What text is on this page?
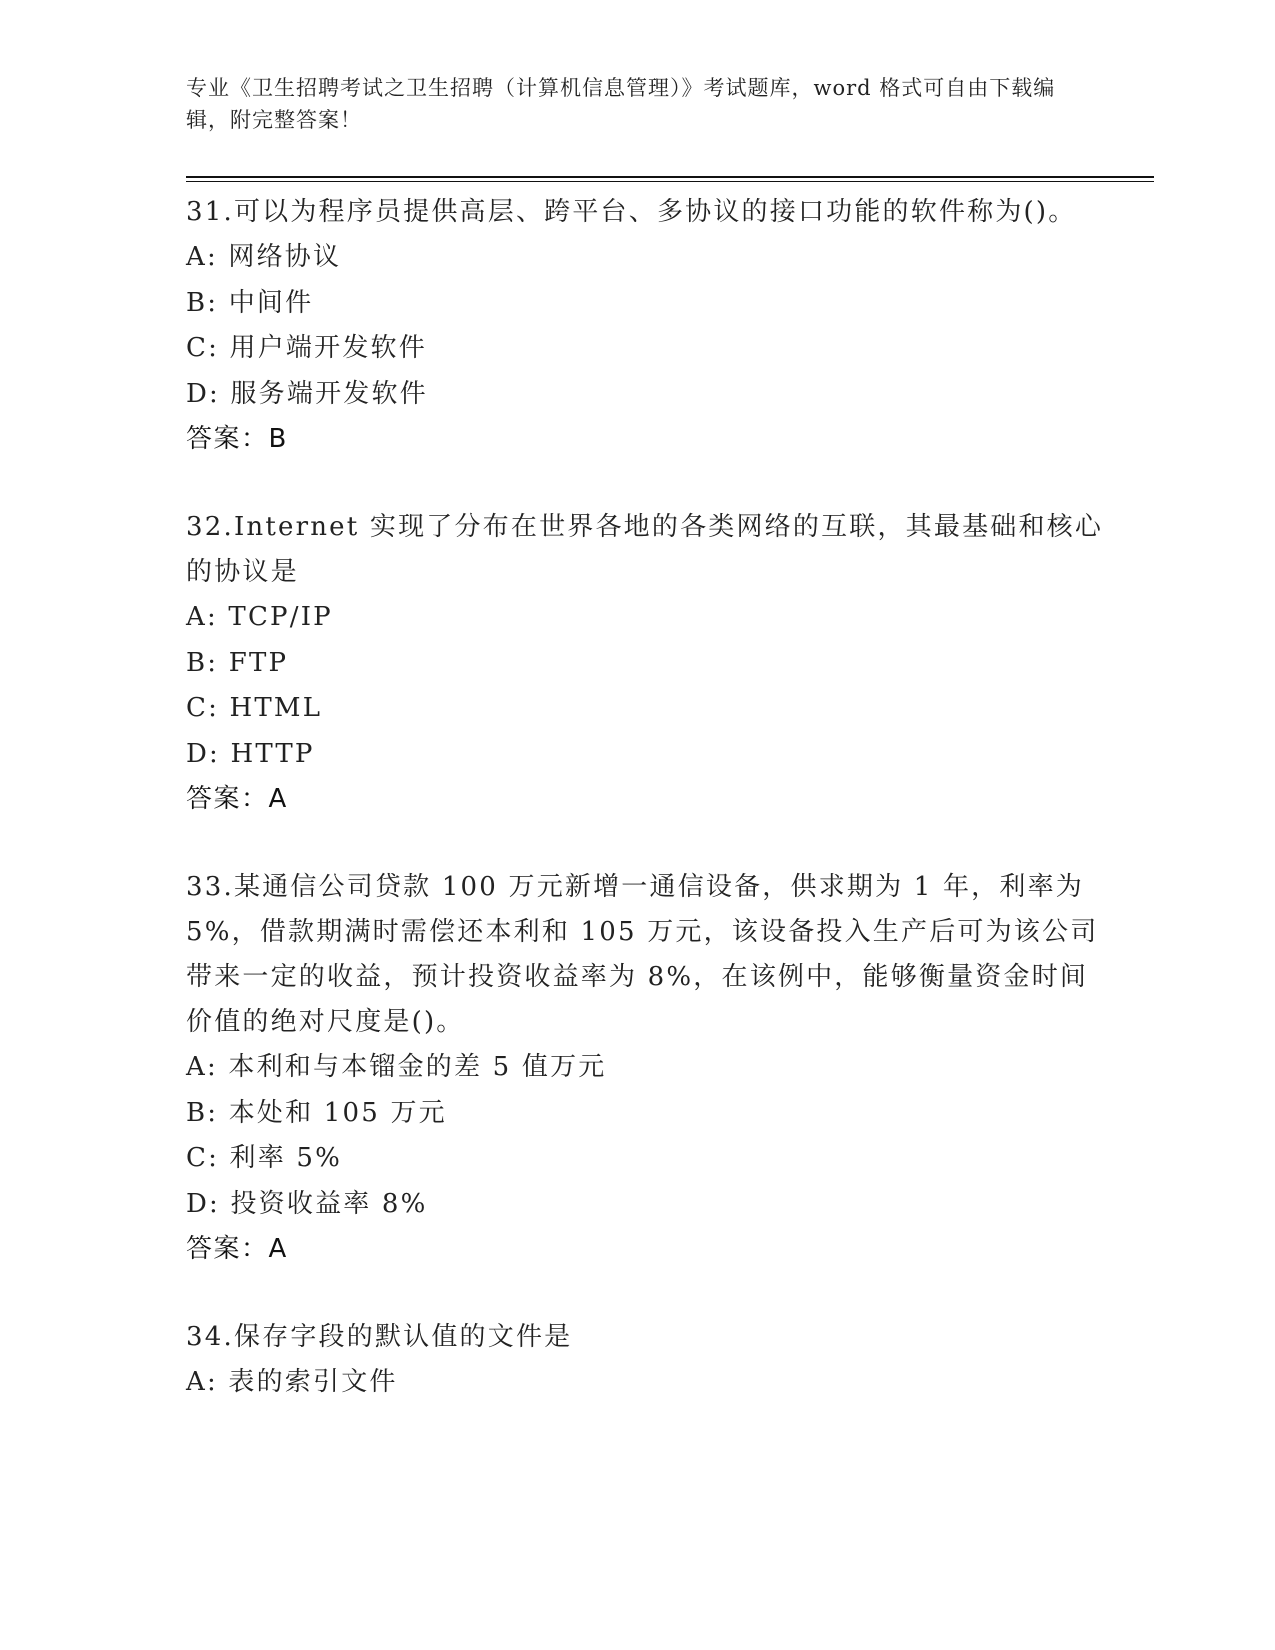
专业《卫生招聘考试之卫生招聘（计算机信息管理）》考试题库，word 格式可自由下载编辑，附完整答案！

31.可以为程序员提供高层、跨平台、多协议的接口功能的软件称为()。

A: 网络协议
B: 中间件
C: 用户端开发软件
D: 服务端开发软件
答案：B

32.Internet 实现了分布在世界各地的各类网络的互联，其最基础和核心的协议是

A: TCP/IP
B: FTP
C: HTML
D: HTTP
答案：A

33.某通信公司贷款 100 万元新增一通信设备，供求期为 1 年，利率为 5%，借款期满时需偿还本利和 105 万元，该设备投入生产后可为该公司带来一定的收益，预计投资收益率为 8%，在该例中，能够衡量资金时间价值的绝对尺度是()。

A: 本利和与本镏金的差 5 值万元
B: 本处和 105 万元
C: 利率 5%
D: 投资收益率 8%
答案：A

34.保存字段的默认值的文件是

A: 表的索引文件
